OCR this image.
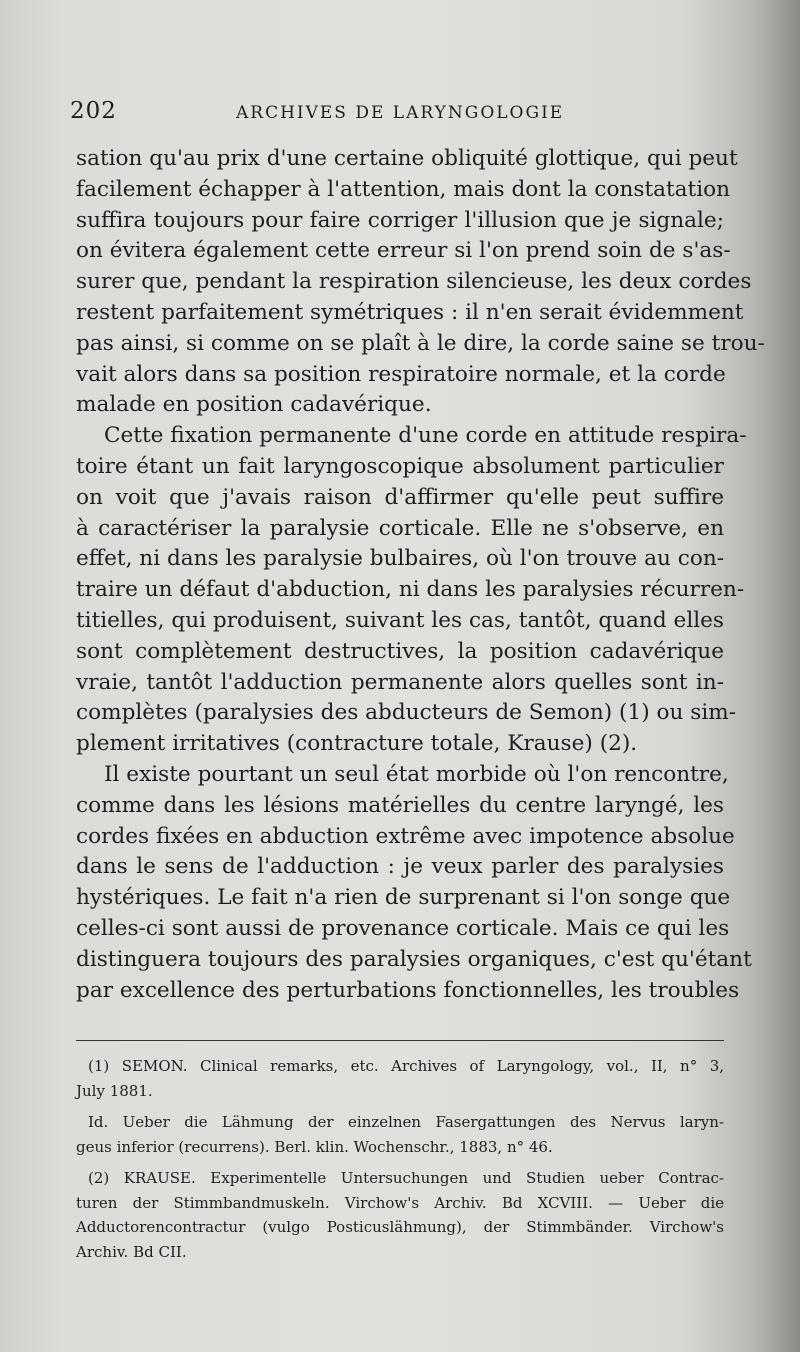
202	ARCHIVES DE LARYNGOLOGIE
sation qu'au prix d'une certaine obliquité glottique, qui peut
facilement échapper à l'attention, mais dont la constatation
suffira toujours pour faire corriger l'illusion que je signale;
on évitera également cette erreur si l'on prend soin de s'as-
surer que, pendant la respiration silencieuse, les deux cordes
restent parfaitement symétriques : il n'en serait évidemment
pas ainsi, si comme on se plaît à le dire, la corde saine se trou-
vait alors dans sa position respiratoire normale, et la corde
malade en position cadavérique.
Cette fixation permanente d'une corde en attitude respira-
toire étant un fait laryngoscopique absolument particulier
on voit que j'avais raison d'affirmer qu'elle peut suffire
à caractériser la paralysie corticale. Elle ne s'observe, en
effet, ni dans les paralysie bulbaires, où l'on trouve au con-
traire un défaut d'abduction, ni dans les paralysies récurren-
titielles, qui produisent, suivant les cas, tantôt, quand elles
sont complètement destructives, la position cadavérique
vraie, tantôt l'adduction permanente alors quelles sont in-
complètes (paralysies des abducteurs de Semon) (1) ou sim-
plement irritatives (contracture totale, Krause) (2).
Il existe pourtant un seul état morbide où l'on rencontre,
comme dans les lésions matérielles du centre laryngé, les
cordes fixées en abduction extrême avec impotence absolue
dans le sens de l'adduction : je veux parler des paralysies
hystériques. Le fait n'a rien de surprenant si l'on songe que
celles-ci sont aussi de provenance corticale. Mais ce qui les
distinguera toujours des paralysies organiques, c'est qu'étant
par excellence des perturbations fonctionnelles, les troubles
(1) SEMON. Clinical remarks, etc. Archives of Laryngology, vol., II, n° 3,
July 1881.
Id. Ueber die Lähmung der einzelnen Fasergattungen des Nervus laryn-
geus inferior (recurrens). Berl. klin. Wochenschr., 1883, n° 46.
(2) KRAUSE. Experimentelle Untersuchungen und Studien ueber Contrac-
turen der Stimmbandmuskeln. Virchow's Archiv. Bd XCVIII. — Ueber die
Adductorencontractur (vulgo Posticuslähmung), der Stimmbänder. Virchow's
Archiv. Bd CII.
